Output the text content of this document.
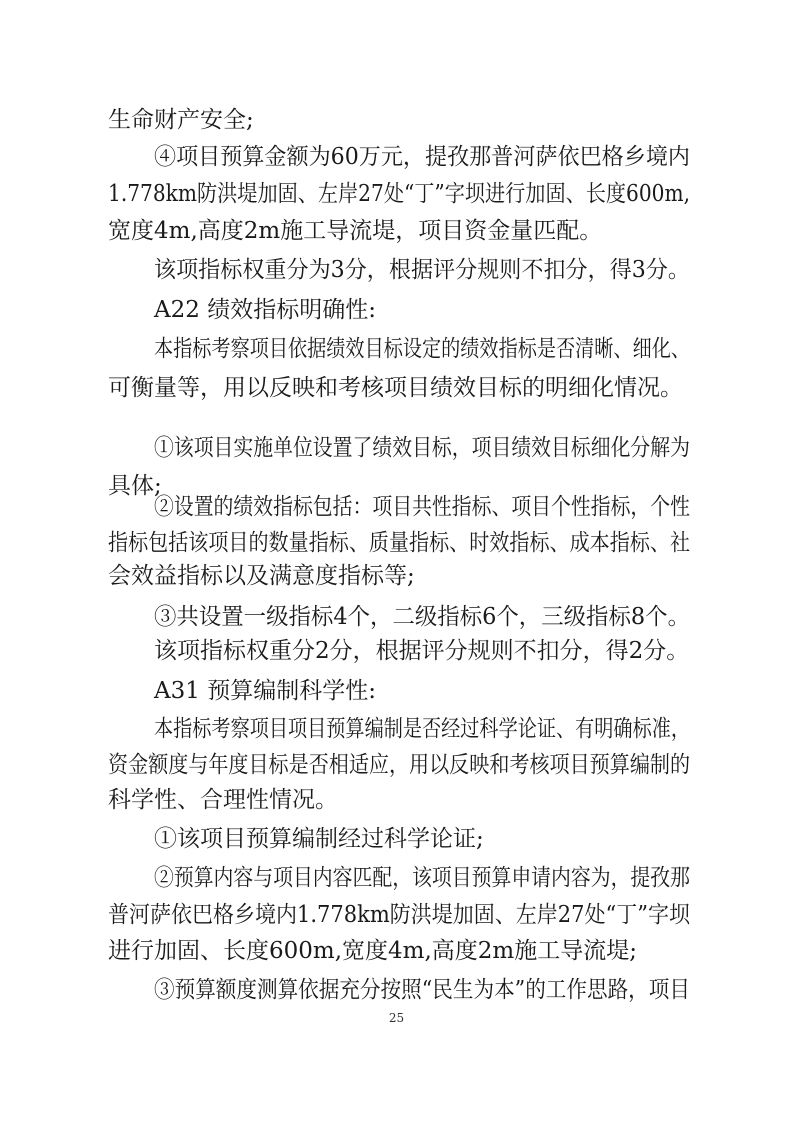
生命财产安全;
④项目预算金额为60万元，提孜那普河萨依巴格乡境内
1.778km防洪堤加固、左岸27处“丁”字坝进行加固、长度600m,
宽度4m,高度2m施工导流堤，项目资金量匹配。
该项指标权重分为3分，根据评分规则不扣分，得3分。
A22 绩效指标明确性:
本指标考察项目依据绩效目标设定的绩效指标是否清晰、细化、
可衡量等，用以反映和考核项目绩效目标的明细化情况。
①该项目实施单位设置了绩效目标，项目绩效目标细化分解为
具体;
②设置的绩效指标包括：项目共性指标、项目个性指标，个性
指标包括该项目的数量指标、质量指标、时效指标、成本指标、社
会效益指标以及满意度指标等;
③共设置一级指标4个，二级指标6个，三级指标8个。
该项指标权重分2分，根据评分规则不扣分，得2分。
A31 预算编制科学性:
本指标考察项目项目预算编制是否经过科学论证、有明确标准，
资金额度与年度目标是否相适应，用以反映和考核项目预算编制的
科学性、合理性情况。
①该项目预算编制经过科学论证;
②预算内容与项目内容匹配，该项目预算申请内容为，提孜那
普河萨依巴格乡境内1.778km防洪堤加固、左岸27处“丁”字坝
进行加固、长度600m,宽度4m,高度2m施工导流堤;
③预算额度测算依据充分按照“民生为本”的工作思路，项目
25
